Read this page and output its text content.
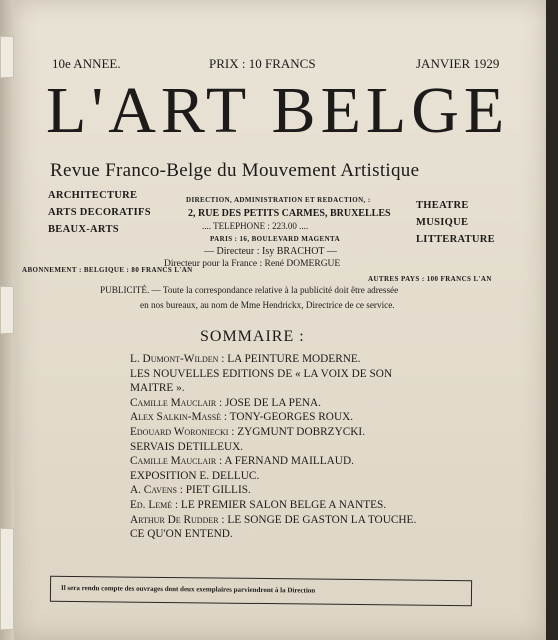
10e ANNEE.	PRIX : 10 FRANCS	JANVIER 1929
L'ART BELGE
Revue Franco-Belge du Mouvement Artistique
ARCHITECTURE
ARTS DECORATIFS
BEAUX-ARTS
THEATRE
MUSIQUE
LITTERATURE
DIRECTION, ADMINISTRATION ET REDACTION, :
2, RUE DES PETITS CARMES, BRUXELLES
.... TELEPHONE : 223.00 ....
PARIS : 16, BOULEVARD MAGENTA
— Directeur : Isy BRACHOT —
Directeur pour la France : René DOMERGUE
ABONNEMENT : BELGIQUE : 80 FRANCS L'AN
AUTRES PAYS : 100 FRANCS L'AN
PUBLICITÉ. — Toute la correspondance relative à la publicité doit être adressée
en nos bureaux, au nom de Mme Hendrickx, Directrice de ce service.
SOMMAIRE :
L. Dumont-Wilden : LA PEINTURE MODERNE.
LES NOUVELLES EDITIONS DE « LA VOIX DE SON MAITRE ».
Camille Mauclair : JOSE DE LA PENA.
Alex Salkin-Massé : TONY-GEORGES ROUX.
Edouard Woroniecki : ZYGMUNT DOBRZYCKI.
SERVAIS DETILLEUX.
Camille Mauclair : A FERNAND MAILLAUD.
EXPOSITION E. DELLUC.
A. Cavens : PIET GILLIS.
Ed. Lemé : LE PREMIER SALON BELGE A NANTES.
Arthur De Rudder : LE SONGE DE GASTON LA TOUCHE.
CE QU'ON ENTEND.
Il sera rendu compte des ouvrages dont deux exemplaires parviendront à la Direction
